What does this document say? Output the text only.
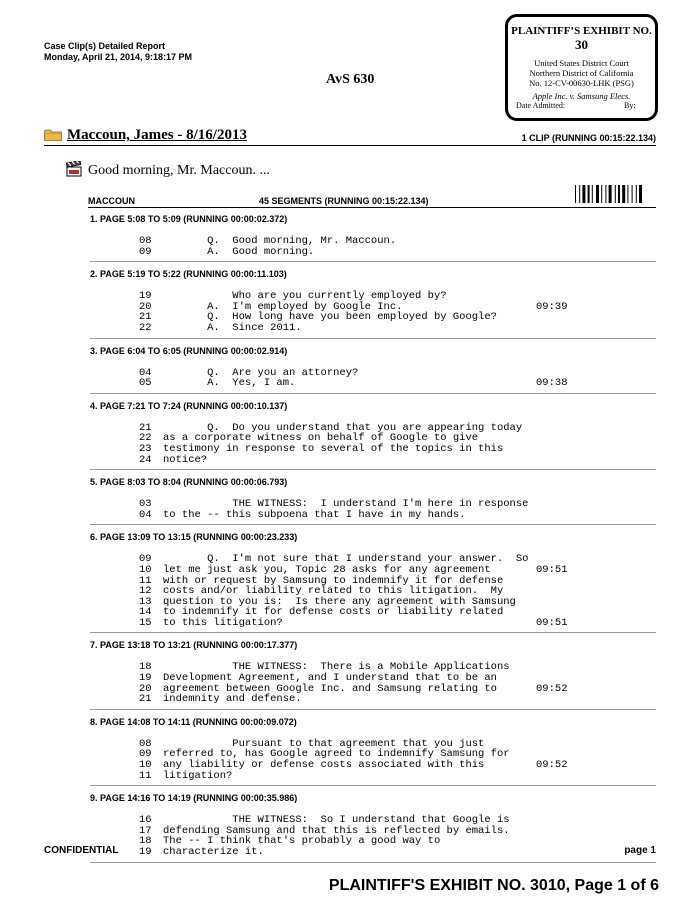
Case Clip(s) Detailed Report
Monday, April 21, 2014, 9:18:17 PM
AvS 630
PLAINTIFF’S EXHIBIT NO. 30
United States District Court
Northern District of California
No. 12-CV-00630-LHK (PSG)
Apple Inc. v. Samsung Elecs.
Date Admitted:	By:
Maccoun, James - 8/16/2013	1 CLIP (RUNNING 00:15:22.134)
Good morning, Mr. Maccoun. ...
MACCOUN	45 SEGMENTS (RUNNING 00:15:22.134)
1. PAGE 5:08 TO 5:09 (RUNNING 00:00:02.372)
08 Q.  Good morning, Mr. Maccoun.
09 A.  Good morning.
2. PAGE 5:19 TO 5:22 (RUNNING 00:00:11.103)
19 Who are you currently employed by?
20 A.  I'm employed by Google Inc.	09:39
21 Q.  How long have you been employed by Google?
22 A.  Since 2011.
3. PAGE 6:04 TO 6:05 (RUNNING 00:00:02.914)
04 Q.  Are you an attorney?
05 A.  Yes, I am.	09:38
4. PAGE 7:21 TO 7:24 (RUNNING 00:00:10.137)
21 Q.  Do you understand that you are appearing today
22 as a corporate witness on behalf of Google to give
23 testimony in response to several of the topics in this
24 notice?
5. PAGE 8:03 TO 8:04 (RUNNING 00:00:06.793)
03 THE WITNESS:  I understand I'm here in response
04 to the -- this subpoena that I have in my hands.
6. PAGE 13:09 TO 13:15 (RUNNING 00:00:23.233)
09 Q.  I'm not sure that I understand your answer.  So
10 let me just ask you, Topic 28 asks for any agreement	09:51
11 with or request by Samsung to indemnify it for defense
12 costs and/or liability related to this litigation.  My
13 question to you is:  Is there any agreement with Samsung
14 to indemnify it for defense costs or liability related
15 to this litigation?	09:51
7. PAGE 13:18 TO 13:21 (RUNNING 00:00:17.377)
18 THE WITNESS:  There is a Mobile Applications
19 Development Agreement, and I understand that to be an
20 agreement between Google Inc. and Samsung relating to	09:52
21 indemnity and defense.
8. PAGE 14:08 TO 14:11 (RUNNING 00:00:09.072)
08 Pursuant to that agreement that you just
09 referred to, has Google agreed to indemnify Samsung for
10 any liability or defense costs associated with this	09:52
11 litigation?
9. PAGE 14:16 TO 14:19 (RUNNING 00:00:35.986)
16 THE WITNESS:  So I understand that Google is
17 defending Samsung and that this is reflected by emails.
18 The -- I think that's probably a good way to
19 characterize it.
CONFIDENTIAL	page 1
PLAINTIFF'S EXHIBIT NO. 3010, Page 1 of 6
